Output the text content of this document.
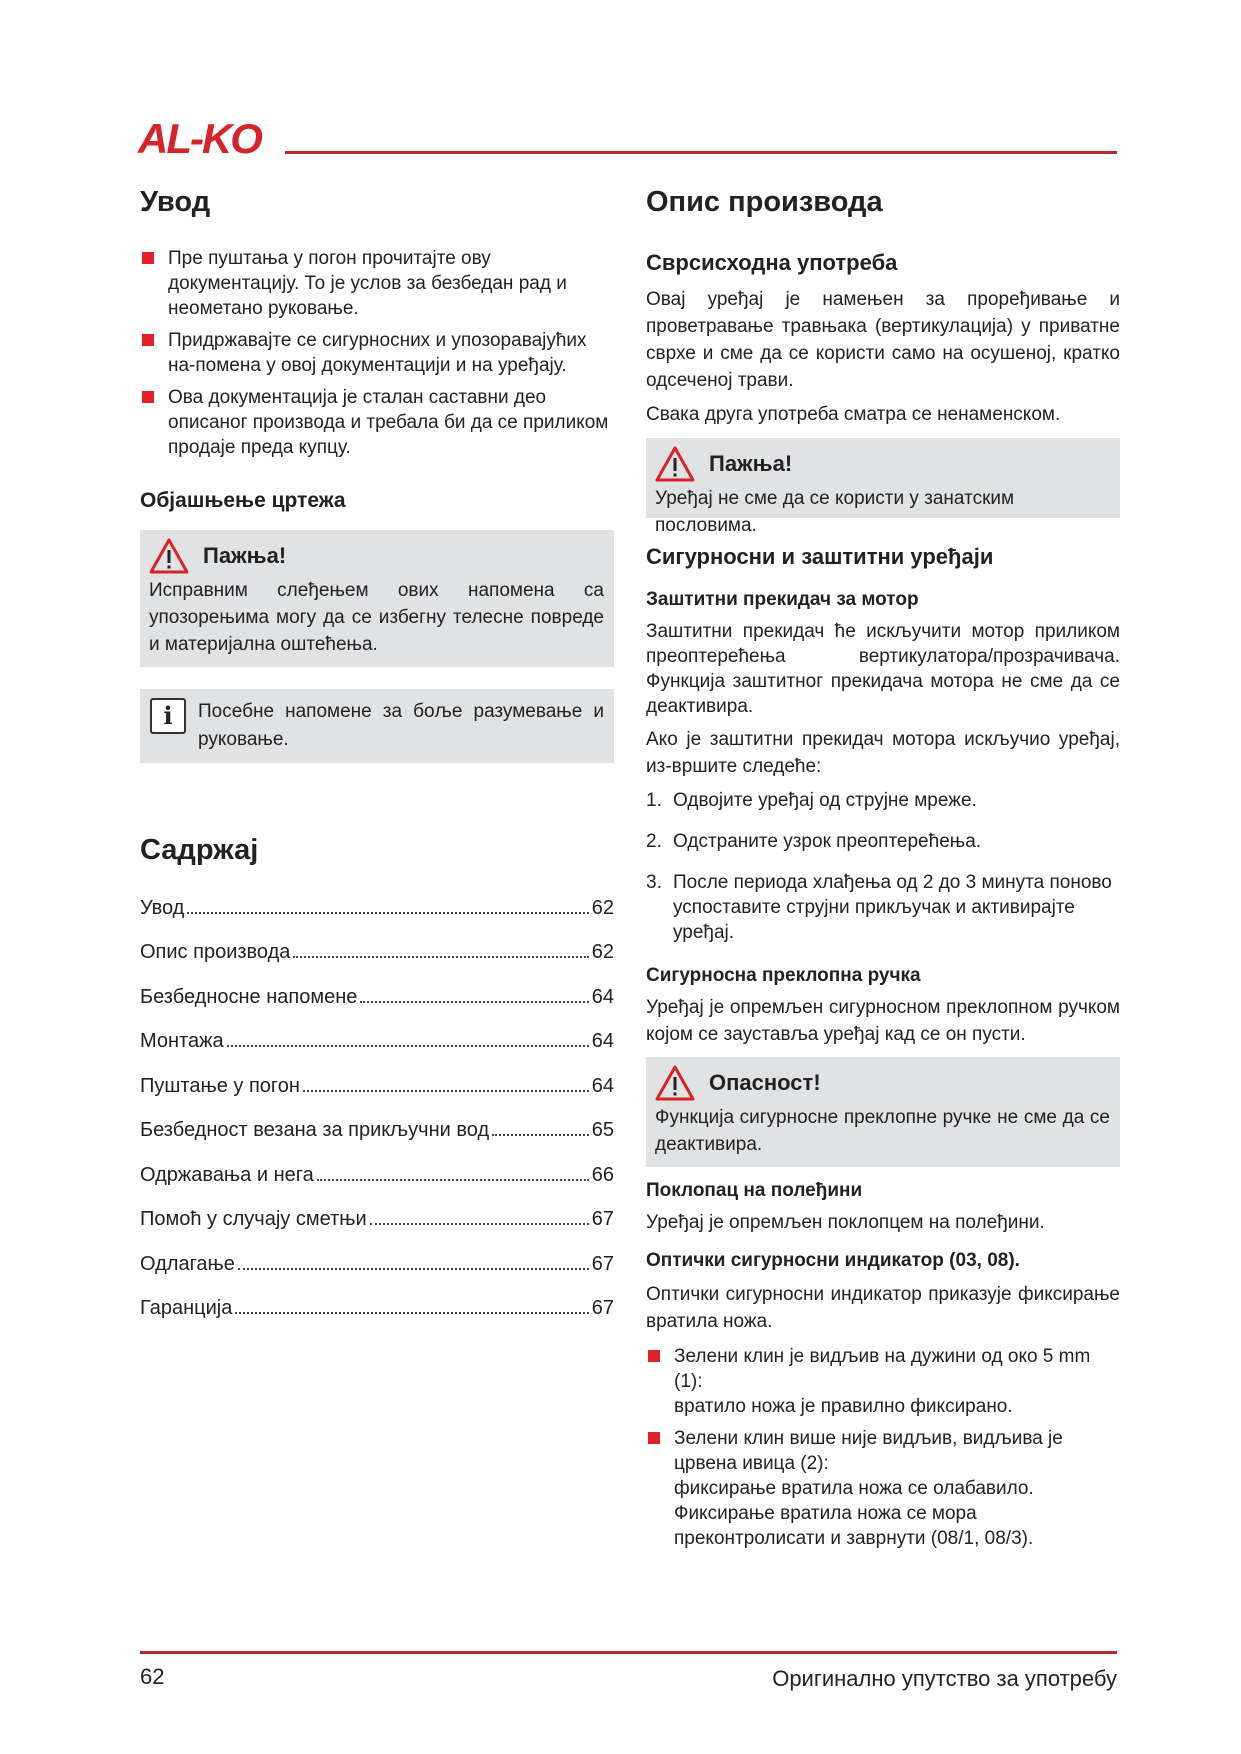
AL-KO
Увод
Пре пуштања у погон прочитајте ову документацију. То је услов за безбедан рад и неометано руковање.
Придржавајте се сигурносних и упозоравајућих на-помена у овој документацији и на уређају.
Ова документација је сталан саставни део описаног производа и требала би да се приликом продаје преда купцу.
Објашњење цртежа
Пажња!

Исправним слеђењем ових напомена са упозорењима могу да се избегну телесне повреде и материјална оштећења.

i	Посебне напомене за боље разумевање и руковање.

Садржај
Увод	62
Опис производа	62
Безбедносне напомене	64
Монтажа	64
Пуштање у погон	64
Безбедност везана за прикључни вод	65
Одржавања и нега	66
Помоћ у случају сметњи	67
Одлагање	67
Гаранција	67
Опис производа
Сврсисходна употреба

Овај уређај је намењен за проређивање и проветравање травњака (вертикулација) у приватне сврхе и сме да се користи само на осушеној, кратко одсеченој трави.

Свака друга употреба сматра се ненаменском.

Пажња!

Уређај не сме да се користи у занатским пословима.

Сигурносни и заштитни уређаји
Заштитни прекидач за мотор

Заштитни прекидач ће искључити мотор приликом преоптерећења вертикулатора/прозрачивача. Функција заштитног прекидача мотора не сме да се деактивира.

Ако је заштитни прекидач мотора искључио уређај, из-вршите следеће:

1. Одвојите уређај од струјне мреже.
2. Одстраните узрок преоптерећења.
3. После периода хлађења од 2 до 3 минута поново успоставите струјни прикључак и активирајте уређај.
Сигурносна преклопна ручка

Уређај је опремљен сигурносном преклопном ручком којом се зауставља уређај кад се он пусти.

Опасност!

Функција сигурносне преклопне ручке не сме да се деактивира.

Поклопац на полеђини

Уређај је опремљен поклопцем на полеђини.

Оптички сигурносни индикатор (03, 08).

Оптички сигурносни индикатор приказује фиксирање вратила ножа.

Зелени клин је видљив на дужини од око 5 mm (1):
вратило ножа је правилно фиксирано.
Зелени клин више није видљив, видљива је црвена ивица (2):
фиксирање вратила ножа се олабавило.
Фиксирање вратила ножа се мора преконтролисати и заврнути (08/1, 08/3).
62	Оригинално упутство за употребу
